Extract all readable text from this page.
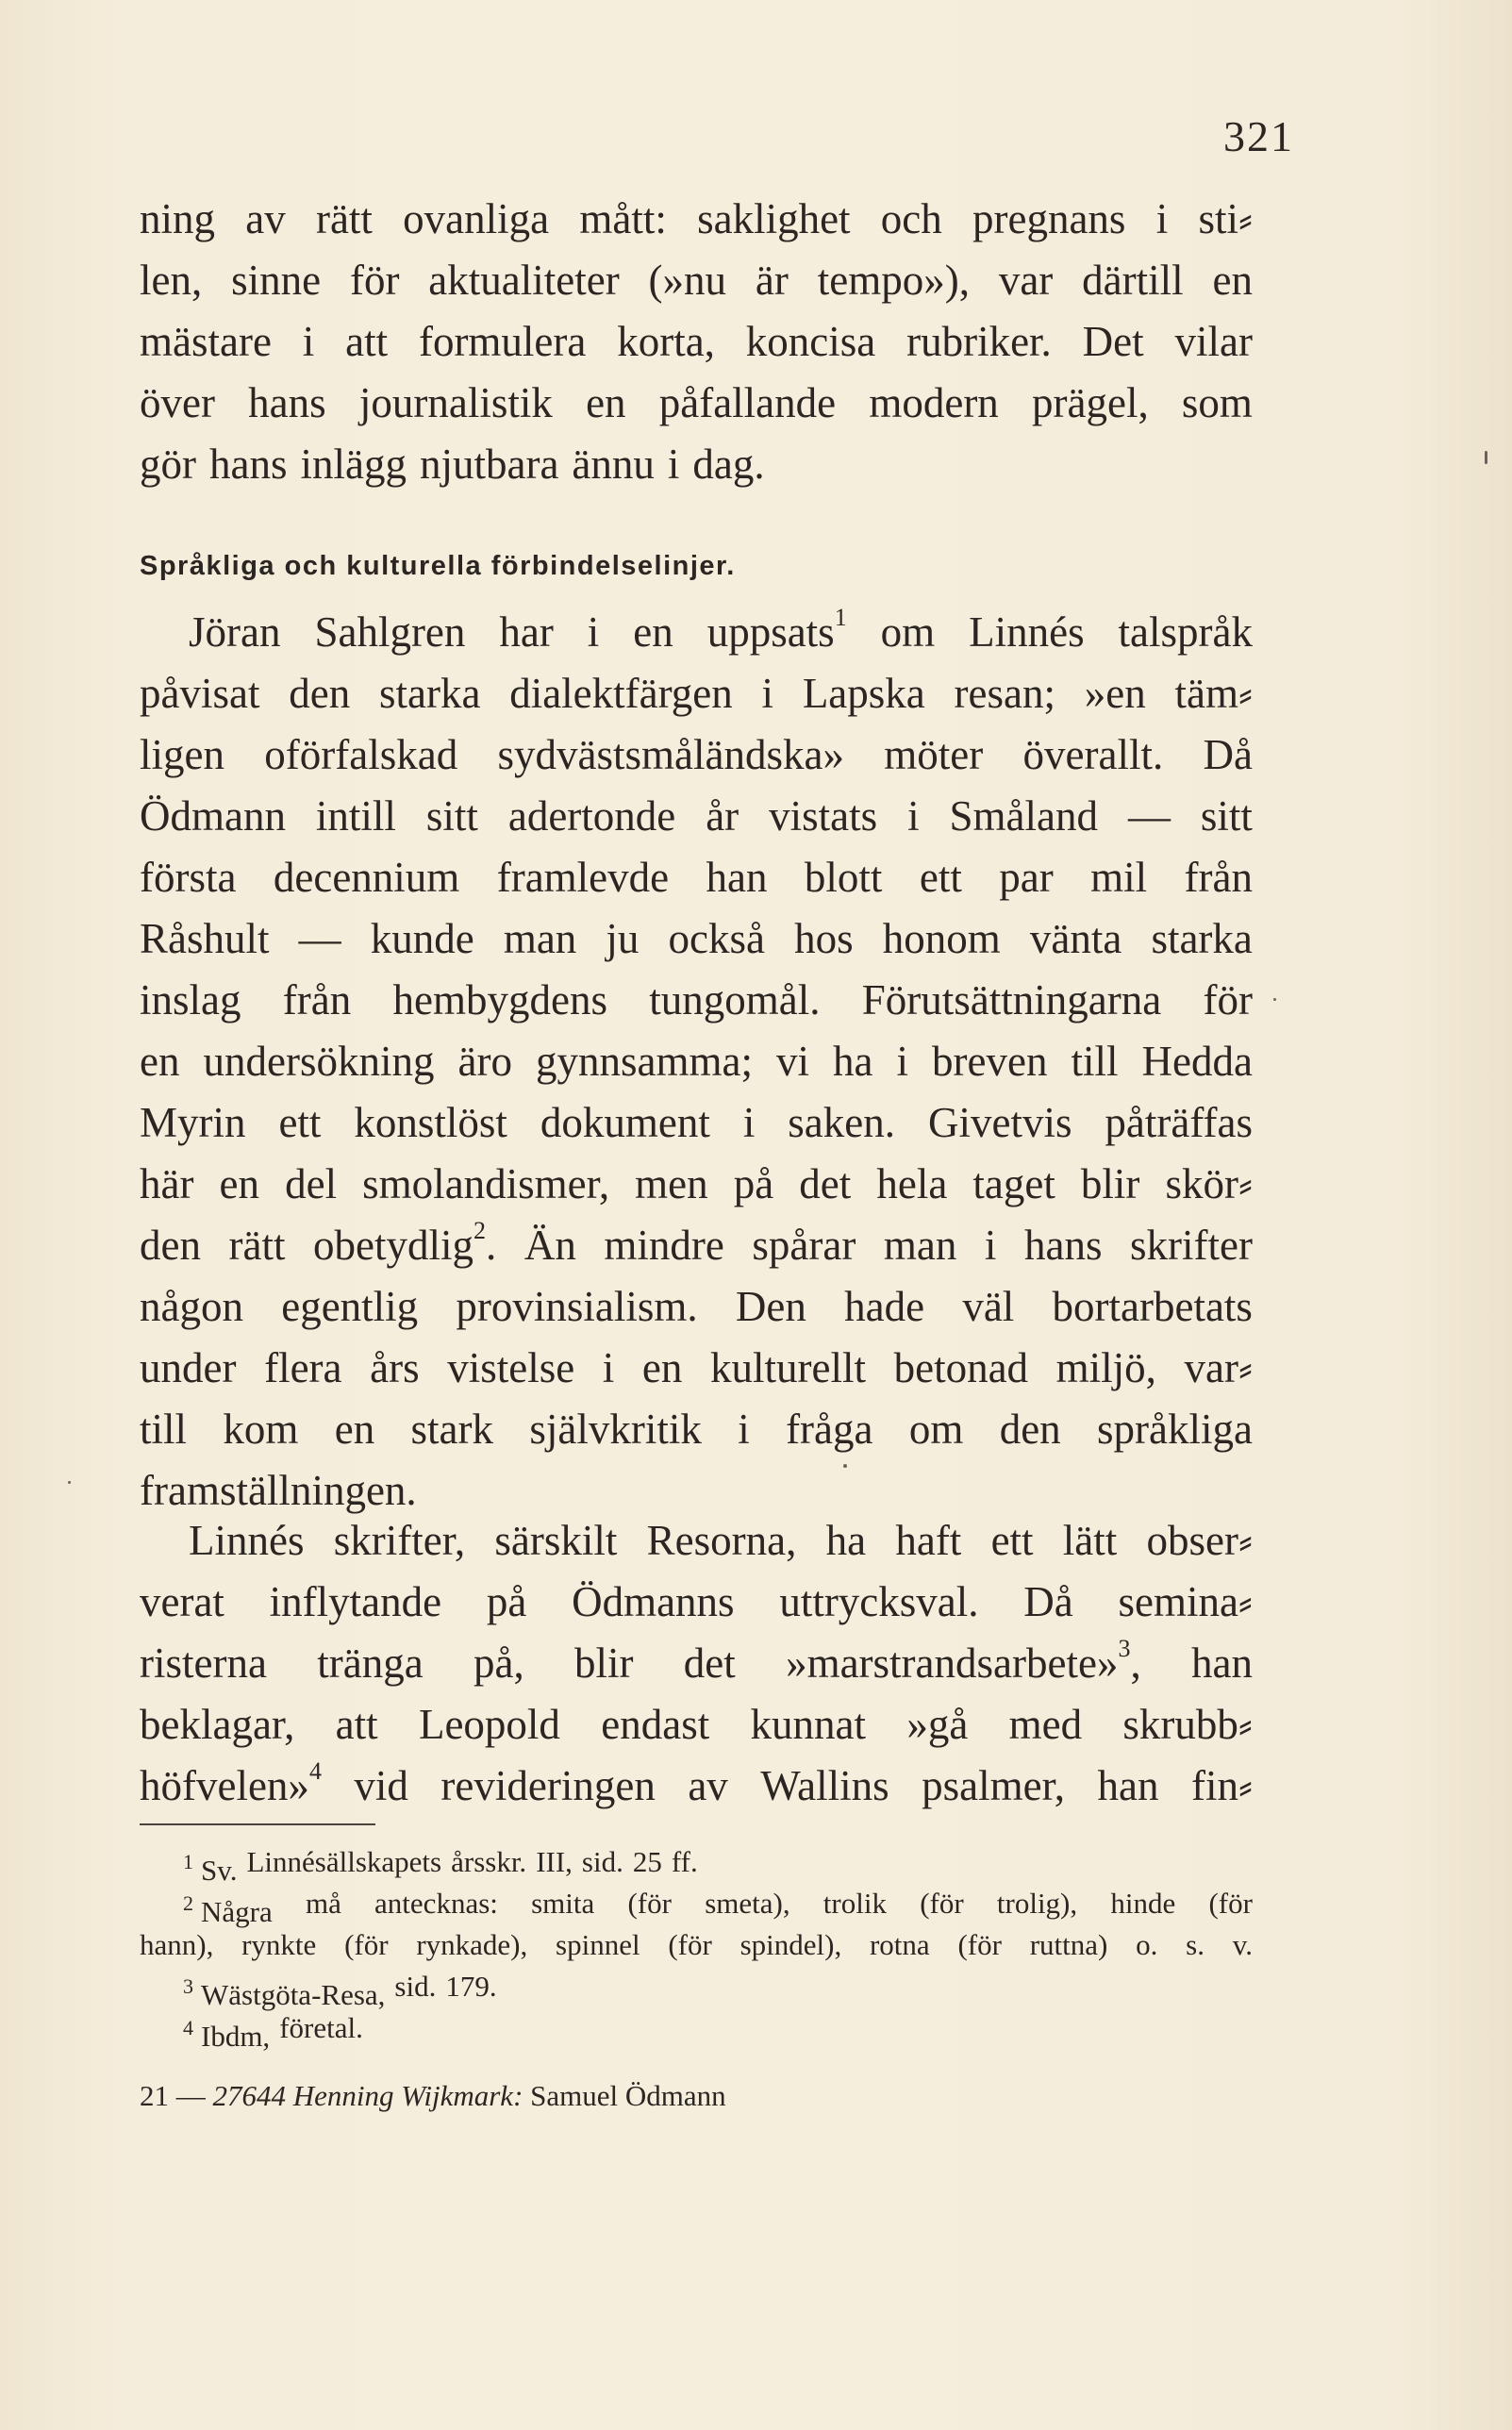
321
ning av rätt ovanliga mått: saklighet och pregnans i sti⸗
len, sinne för aktualiteter (»nu är tempo»), var därtill en
mästare i att formulera korta, koncisa rubriker. Det vilar
över hans journalistik en påfallande modern prägel, som
gör hans inlägg njutbara ännu i dag.
Språkliga och kulturella förbindelselinjer.
Jöran Sahlgren har i en uppsats$^1$ om Linnés talspråk
påvisat den starka dialektfärgen i Lapska resan; »en täm⸗
ligen oförfalskad sydvästsmåländska» möter överallt. Då
Ödmann intill sitt adertonde år vistats i Småland — sitt
första decennium framlevde han blott ett par mil från
Råshult — kunde man ju också hos honom vänta starka
inslag från hembygdens tungomål. Förutsättningarna för
en undersökning äro gynnsamma; vi ha i breven till Hedda
Myrin ett konstlöst dokument i saken. Givetvis påträffas
här en del smolandismer, men på det hela taget blir skör⸗
den rätt obetydlig$^2$. Än mindre spårar man i hans skrifter
någon egentlig provinsialism. Den hade väl bortarbetats
under flera års vistelse i en kulturellt betonad miljö, var⸗
till kom en stark självkritik i fråga om den språkliga
framställningen.
Linnés skrifter, särskilt Resorna, ha haft ett lätt obser⸗
verat inflytande på Ödmanns uttrycksval. Då semina⸗
risterna tränga på, blir det »marstrandsarbete»$^3$, han
beklagar, att Leopold endast kunnat »gå med skrubb⸗
höfvelen»$^4$ vid revideringen av Wallins psalmer, han fin⸗
$^1$ Sv. Linnésällskapets årsskr. III, sid. 25 ff.
$^2$ Några må antecknas: smita (för smeta), trolik (för trolig), hinde (för
hann), rynkte (för rynkade), spinnel (för spindel), rotna (för ruttna) o. s. v.
$^3$ Wästgöta-Resa, sid. 179.
$^4$ Ibdm, företal.
21 — 27644 Henning Wijkmark: Samuel Ödmann
